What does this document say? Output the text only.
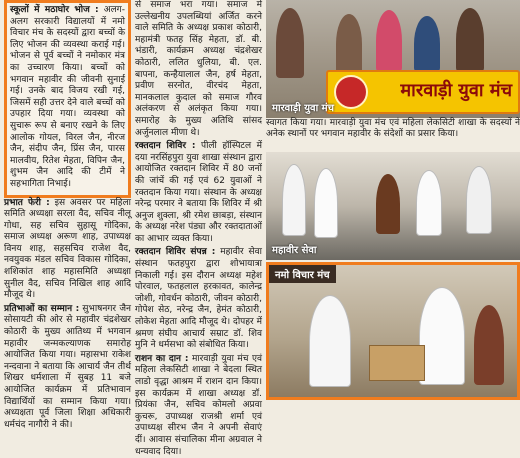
स्कूलों में मठाघोर भोज : अलग-अलग सरकारी विद्यालयों में नमो विचार मंच के सदस्यों द्वारा बच्चों के लिए भोजन की व्यवस्था कराई गई। भोजन से पूर्व बच्चों ने नमोकार मंत्र का उच्चारण किया। बच्चों को भगवान महावीर की जीवनी सुनाई गई। उनके बाद विजय रखी गई, जिसमें सही उत्तर देने वाले बच्चों को उपहार दिया गया। व्यवस्था को सुचारू रूप से बनाए रखने के लिए आलोक गोयल, विरल जैन, नीरज जैन, संदीप जैन, प्रिंस जैन, पारस मालवीय, रितेश मेहता, विपिन जैन, शुभम जैन आदि की टीमें ने सहभागिता निभाई।

प्रभात फेरी : इस अवसर पर महिला समिति अध्यक्षा सरला वैद, सचिव नीलू गोधा, सह सचिव सुहासू गोदिका, समाज अध्यक्ष अरूण शाह, उपाध्यक्ष विनय शाह, सहसचिव राजेश वैद, नवयुवक मंडल सचिव विकास गोदिका, शशिकांत शाह महासमिति अध्यक्षा सुनील वैद, सचिव निखिल शाह आदि मौजूद थे।

प्रतिभाओं का सम्मान : सुभाषनगर जैन सोसायटी की ओर से महावीर चंद्रशेखर कोठारी के मुख्य आतिथ्य में भगवान महावीर जन्मकल्याणक समारोह आयोजित किया गया। महासभा राकेश नन्दवाना ने बताया कि आचार्य जैन तीर्थ शिखर धर्मशाला में सुबह 11 बजे आयोजित कार्यक्रम में प्रतिभावान विद्यार्थियों का सम्मान किया गया। अध्यक्षता पूर्व जिला शिक्षा अधिकारी धर्मचंद नागौरी ने की।

से समाज भरा गया। समाज में उल्लेखनीय उपलब्धियां अर्जित करने वाले समिति के अध्यक्ष प्रकाश कोठारी, महामंत्री फतह सिंह मेहता, डॉ. बी. भंडारी, कार्यक्रम अध्यक्ष चंद्रशेखर कोठारी, ललित धुलिया, बी. एल. बापना, कन्हैयालाल जैन, हर्ष मेहता, प्रवीण सरनोत, वीरचंद मेहता, मानकलाल कुदाल को समाज गौरव अलंकरण से अलंकृत किया गया। समारोह के मुख्य अतिथि सांसद अर्जुनलाल मीणा थे।

रक्तदान शिविर : पीली हॉस्पिटल में दया नरसिंहपुरा युवा शाखा संस्थान द्वारा आयोजित रक्तदान शिविर में 80 जनों की जांचें की गई एवं 62 युवाओं ने रक्तदान किया गया। संस्थान के अध्यक्ष नरेन्द्र परमार ने बताया कि शिविर में श्री अनुज शुक्ला, श्री रमेश छाबड़ा, संस्थान के अध्यक्ष नरेश पंड्या और रक्तदाताओं का आभार व्यक्त किया।

रक्तदान शिविर संपन्न : महावीर सेवा संस्थान फतहपुरा द्वारा शोभायात्रा निकाली गई। इस दौरान अध्यक्ष महेश पोरवाल, फतहलाल हरकावत, कालेन्द्र जोशी, गोवर्धन कोठारी, जीवन कोठारी, गोपेश सेठ, नरेन्द्र जैन, हेमंत कोठारी, लोकेश मेहता आदि मौजूद थे। दोपहर में श्रमण संघीय आचार्य सम्राट डॉ. शिव मुनि ने धर्मसभा को संबोधित किया।

राशन का दान : मारवाड़ी युवा मंच एवं महिला लेकसिटी शाखा ने बेदला स्थित लाडो वृद्धा आश्रम में राशन दान किया। इस कार्यक्रम में शाखा अध्यक्ष डॉ. प्रियंका जैन, सचिव कोमलो अप्रवा कुचरू, उपाध्यक्ष राजश्री शर्मा एवं उपाध्यक्ष सीरभ जैन ने अपनी सेवाएं दीं। आवास संचालिका मीना अग्रवाल ने धन्यवाद दिया।

मारवाड़ी युवा मंच
मारवाड़ी युवा मंच
स्वागत किया गया। मारवाड़ी युवा मंच एवं महिला लेकसिटी शाखा के सदस्यों ने अनेक स्थानों पर भगवान महावीर के संदेशों का प्रसार किया।
महावीर सेवा
नमो विचार मंच
